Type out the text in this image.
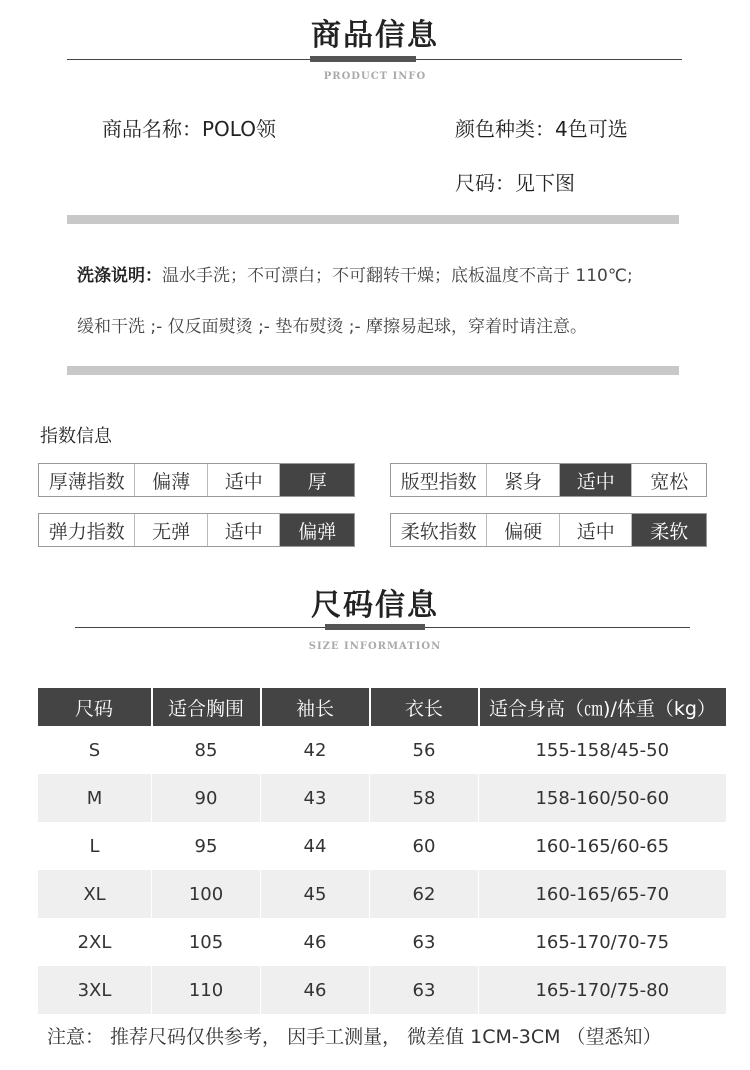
商品信息
PRODUCT INFO
商品名称：POLO领	颜色种类：4色可选
尺码：见下图
洗涤说明：温水手洗；不可漂白；不可翻转干燥；底板温度不高于 110℃;
缓和干洗 ;- 仅反面熨烫 ;- 垫布熨烫 ;- 摩擦易起球，穿着时请注意。
指数信息
厚薄指数	偏薄	适中	厚	版型指数	紧身	适中	宽松
弹力指数	无弹	适中	偏弹	柔软指数	偏硬	适中	柔软
尺码信息
SIZE INFORMATION
尺码	适合胸围	袖长	衣长	适合身高（㎝)/体重（kg）
S	85	42	56	155-158/45-50
M	90	43	58	158-160/50-60
L	95	44	60	160-165/60-65
XL	100	45	62	160-165/65-70
2XL	105	46	63	165-170/70-75
3XL	110	46	63	165-170/75-80
注意： 推荐尺码仅供参考， 因手工测量， 微差值 1CM-3CM （望悉知）
